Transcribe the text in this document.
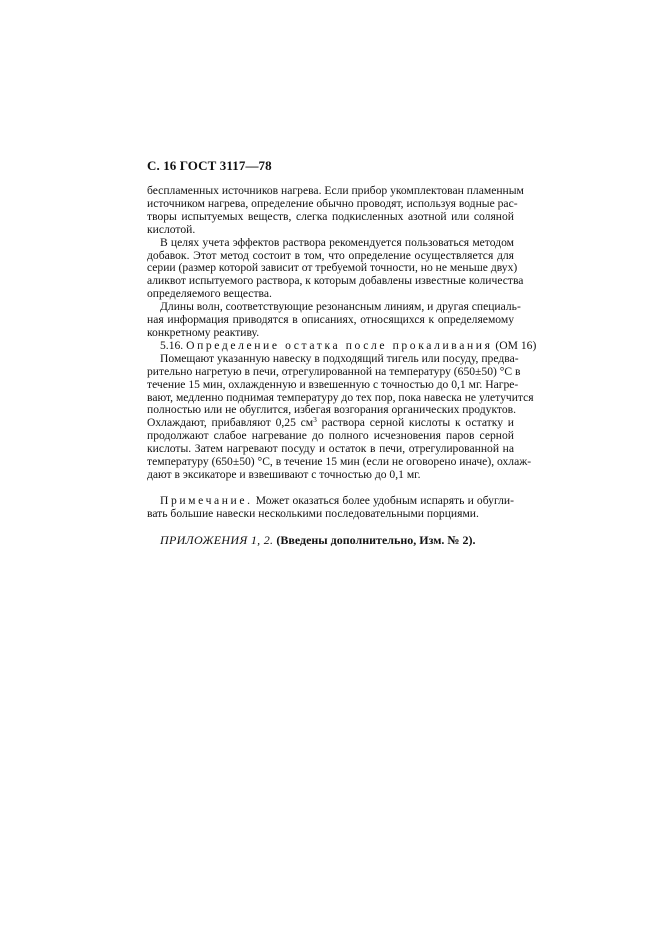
С. 16 ГОСТ 3117—78

беспламенных источников нагрева. Если прибор укомплектован пламенным
источником нагрева, определение обычно проводят, используя водные рас-
творы испытуемых веществ, слегка подкисленных азотной или соляной
кислотой.

В целях учета эффектов раствора рекомендуется пользоваться методом
добавок. Этот метод состоит в том, что определение осуществляется для
серии (размер которой зависит от требуемой точности, но не меньше двух)
аликвот испытуемого раствора, к которым добавлены известные количества
определяемого вещества.

Длины волн, соответствующие резонансным линиям, и другая специаль-
ная информация приводятся в описаниях, относящихся к определяемому
конкретному реактиву.

5.16. Определение остатка после прокаливания (ОМ 16)

Помещают указанную навеску в подходящий тигель или посуду, предва-
рительно нагретую в печи, отрегулированной на температуру (650±50) °С в
течение 15 мин, охлажденную и взвешенную с точностью до 0,1 мг. Нагре-
вают, медленно поднимая температуру до тех пор, пока навеска не улетучится
полностью или не обуглится, избегая возгорания органических продуктов.
Охлаждают, прибавляют 0,25 $см^3$ раствора серной кислоты к остатку и
продолжают слабое нагревание до полного исчезновения паров серной
кислоты. Затем нагревают посуду и остаток в печи, отрегулированной на
температуру (650±50) °С, в течение 15 мин (если не оговорено иначе), охлаж-
дают в эксикаторе и взвешивают с точностью до 0,1 мг.

Примечание. Может оказаться более удобным испарять и обугли-
вать большие навески несколькими последовательными порциями.

ПРИЛОЖЕНИЯ 1, 2. (Введены дополнительно, Изм. № 2).
